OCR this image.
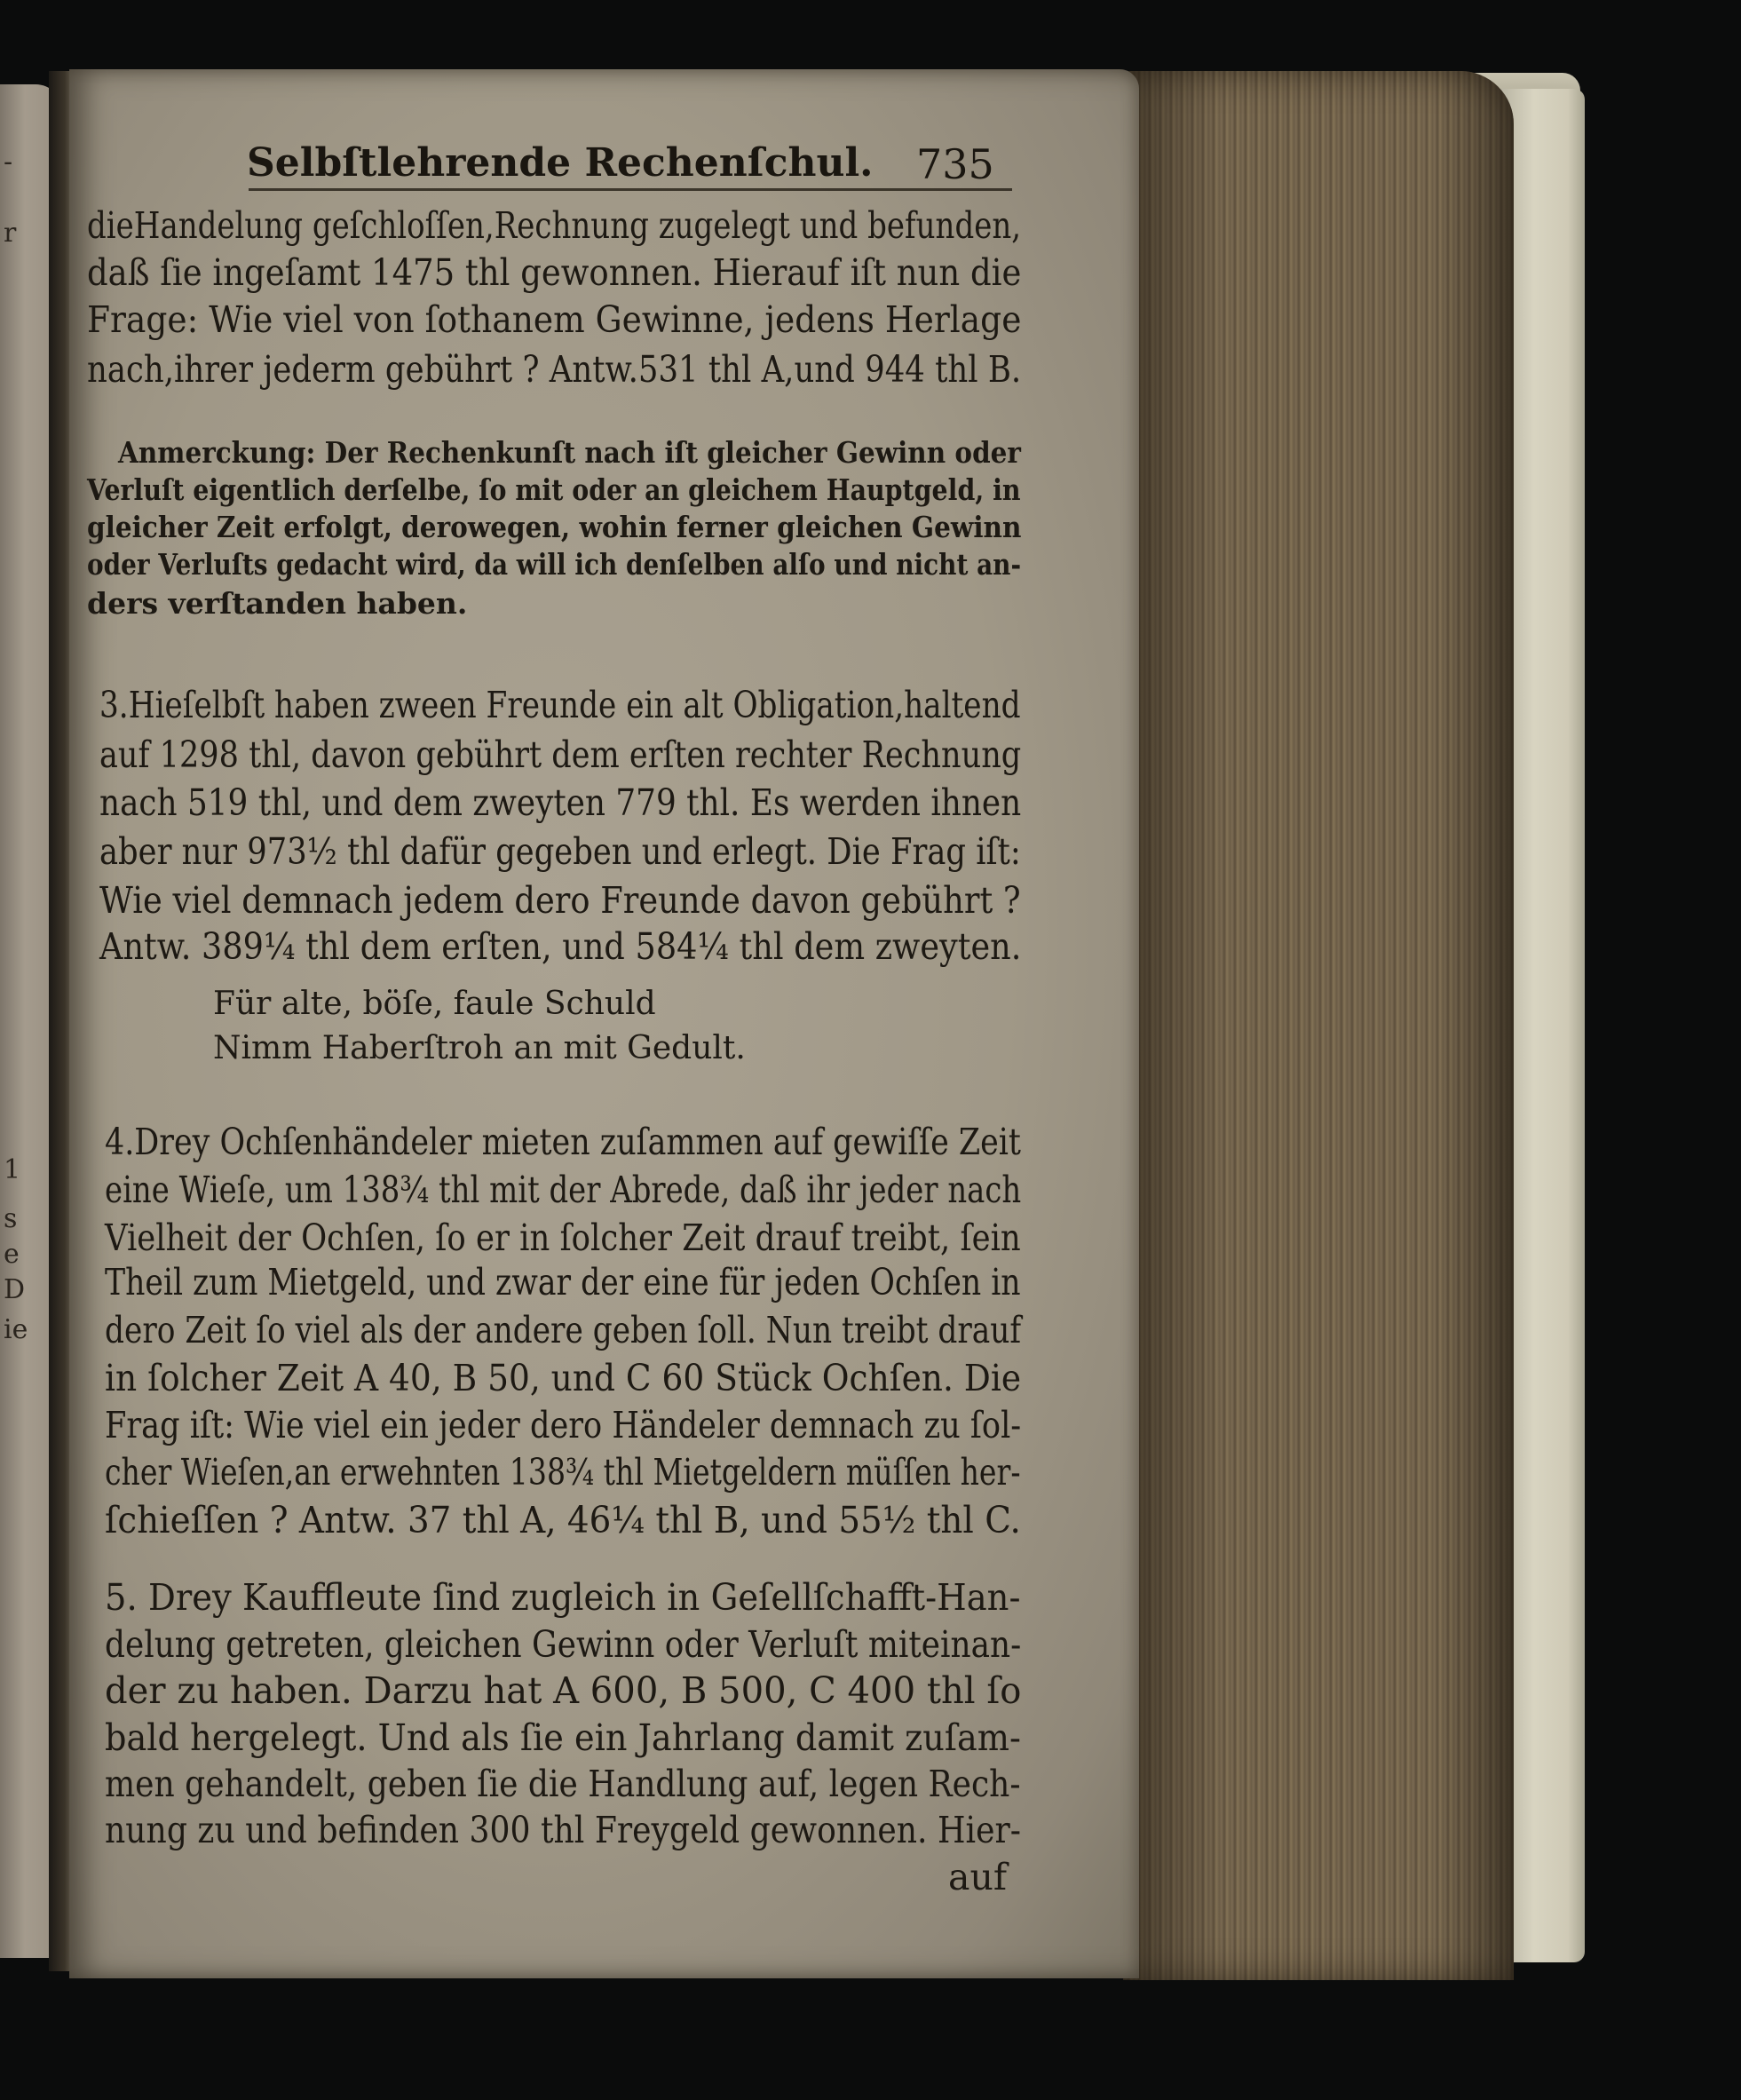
-
r
1
s
e
D
ie
Selbſtlehrende Rechenſchul. 735
dieHandelung geſchloſſen,Rechnung zugelegt und befunden,
daß ſie ingeſamt 1475 thl gewonnen. Hierauf iſt nun die
Frage: Wie viel von ſothanem Gewinne, jedens Herlage
nach,ihrer jederm gebührt ? Antw.531 thl A,und 944 thl B.
Anmerckung: Der Rechenkunſt nach iſt gleicher Gewinn oder
Verluſt eigentlich derſelbe, ſo mit oder an gleichem Hauptgeld, in
gleicher Zeit erfolgt, derowegen, wohin ferner gleichen Gewinn
oder Verluſts gedacht wird, da will ich denſelben alſo und nicht an-
ders verſtanden haben.
3.Hieſelbſt haben zween Freunde ein alt Obligation,haltend
auf 1298 thl, davon gebührt dem erſten rechter Rechnung
nach 519 thl, und dem zweyten 779 thl. Es werden ihnen
aber nur 973½ thl dafür gegeben und erlegt. Die Frag iſt:
Wie viel demnach jedem dero Freunde davon gebührt ?
Antw. 389¼ thl dem erſten, und 584¼ thl dem zweyten.
Für alte, böſe, faule Schuld
Nimm Haberſtroh an mit Gedult.
4.Drey Ochſenhändeler mieten zuſammen auf gewiſſe Zeit
eine Wieſe, um 138¾ thl mit der Abrede, daß ihr jeder nach
Vielheit der Ochſen, ſo er in ſolcher Zeit drauf treibt, ſein
Theil zum Mietgeld, und zwar der eine für jeden Ochſen in
dero Zeit ſo viel als der andere geben ſoll. Nun treibt drauf
in ſolcher Zeit A 40, B 50, und C 60 Stück Ochſen. Die
Frag iſt: Wie viel ein jeder dero Händeler demnach zu ſol-
cher Wieſen,an erwehnten 138¾ thl Mietgeldern müſſen her-
ſchieſſen ? Antw. 37 thl A, 46¼ thl B, und 55½ thl C.
5. Drey Kauffleute ſind zugleich in Geſellſchafft-Han-
delung getreten, gleichen Gewinn oder Verluſt miteinan-
der zu haben. Darzu hat A 600, B 500, C 400 thl ſo
bald hergelegt. Und als ſie ein Jahrlang damit zuſam-
men gehandelt, geben ſie die Handlung auf, legen Rech-
nung zu und befinden 300 thl Freygeld gewonnen. Hier-
auf
